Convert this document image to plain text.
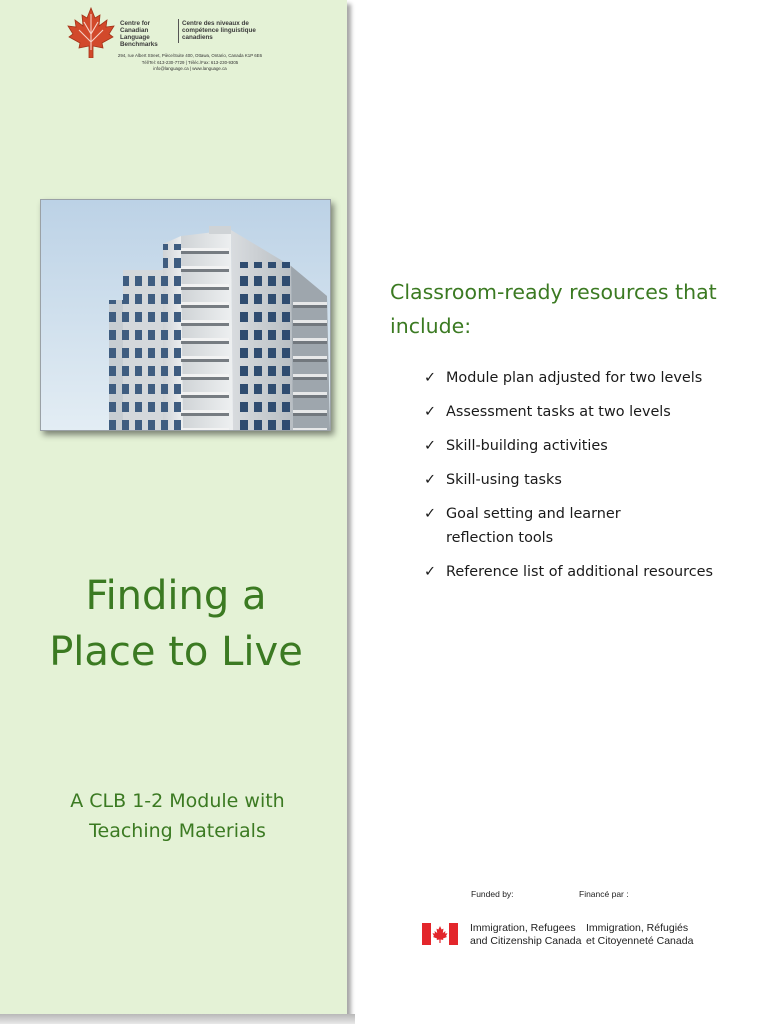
Centre for Canadian Language Benchmarks
Centre des niveaux de compétence linguistique canadiens
294, rue Albert Street, Pièce/Suite 400, Ottawa, Ontario, Canada K1P 6E6
Tél/Tel: 613-230-7729 | Téléc./Fax: 613-230-9305
info@language.ca | www.language.ca
Finding a
Place to Live
A CLB 1-2 Module with
Teaching Materials
Classroom-ready resources that include:
✓ Module plan adjusted for two levels
✓ Assessment tasks at two levels
✓ Skill-building activities
✓ Skill-using tasks
✓ Goal setting and learner reflection tools
✓ Reference list of additional resources
Funded by:	Financé par :
Immigration, Refugees
and Citizenship Canada
Immigration, Réfugiés
et Citoyenneté Canada
